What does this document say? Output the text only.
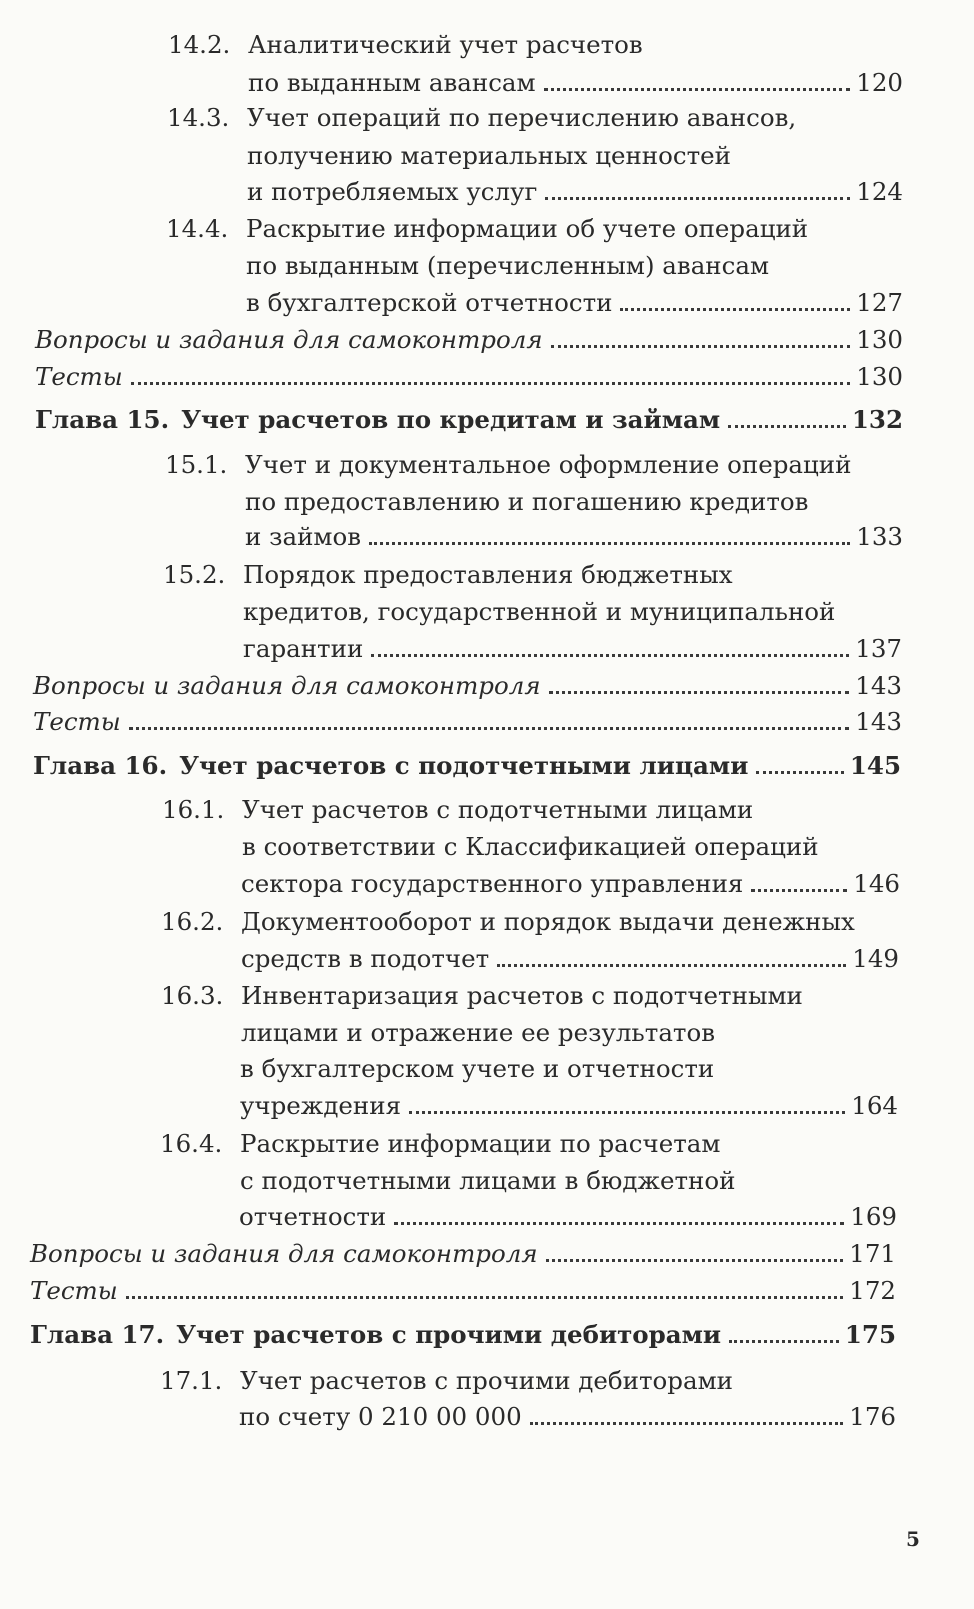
14.2. Аналитический учет расчетов
по выданным авансам	120
14.3. Учет операций по перечислению авансов,
получению материальных ценностей
и потребляемых услуг	124
14.4. Раскрытие информации об учете операций
по выданным (перечисленным) авансам
в бухгалтерской отчетности	127
Вопросы и задания для самоконтроля	130
Тесты	130
Глава 15. Учет расчетов по кредитам и займам	132
15.1. Учет и документальное оформление операций
по предоставлению и погашению кредитов
и займов	133
15.2. Порядок предоставления бюджетных
кредитов, государственной и муниципальной
гарантии	137
Вопросы и задания для самоконтроля	143
Тесты	143
Глава 16. Учет расчетов с подотчетными лицами	145
16.1. Учет расчетов с подотчетными лицами
в соответствии с Классификацией операций
сектора государственного управления	146
16.2. Документооборот и порядок выдачи денежных
средств в подотчет	149
16.3. Инвентаризация расчетов с подотчетными
лицами и отражение ее результатов
в бухгалтерском учете и отчетности
учреждения	164
16.4. Раскрытие информации по расчетам
с подотчетными лицами в бюджетной
отчетности	169
Вопросы и задания для самоконтроля	171
Тесты	172
Глава 17. Учет расчетов с прочими дебиторами	175
17.1. Учет расчетов с прочими дебиторами
по счету 0 210 00 000	176
5
